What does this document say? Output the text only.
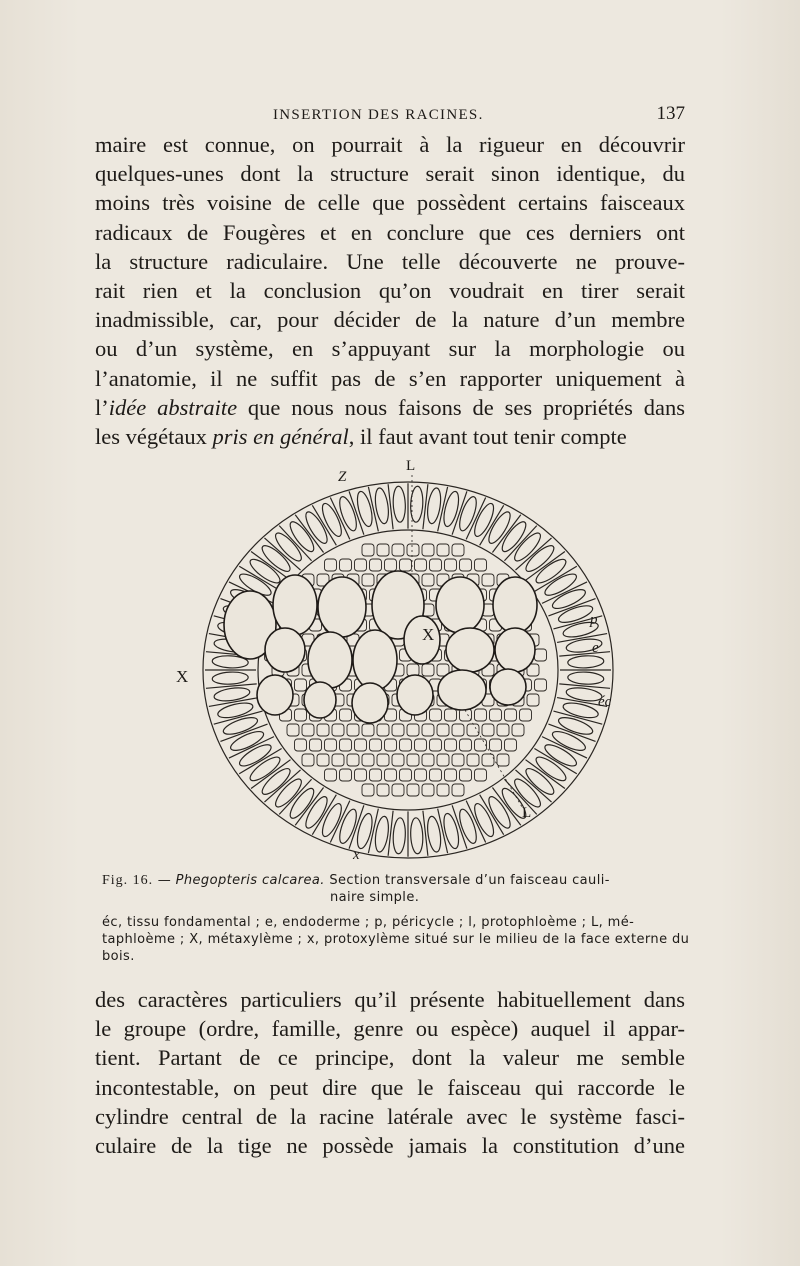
INSERTION DES RACINES.	137
maire est connue, on pourrait à la rigueur en découvrir
quelques-unes dont la structure serait sinon identique, du
moins très voisine de celle que possèdent certains faisceaux
radicaux de Fougères et en conclure que ces derniers ont
la structure radiculaire. Une telle découverte ne prouve-
rait rien et la conclusion qu’on voudrait en tirer serait
inadmissible, car, pour décider de la nature d’un membre
ou d’un système, en s’appuyant sur la morphologie ou
l’anatomie, il ne suffit pas de s’en rapporter uniquement à
l’idée abstraite que nous nous faisons de ses propriétés dans
les végétaux pris en général, il faut avant tout tenir compte
L
Z
X
X
p
e
éc
L
x
Fig. 16. — Phegopteris calcarea. Section transversale d’un faisceau cauli-
naire simple.
éc, tissu fondamental ; e, endoderme ; p, péricycle ; l, protophloème ; L, mé-taphloème ; X, métaxylème ; x, protoxylème situé sur le milieu de la face externe du bois.
des caractères particuliers qu’il présente habituellement dans
le groupe (ordre, famille, genre ou espèce) auquel il appar-
tient. Partant de ce principe, dont la valeur me semble
incontestable, on peut dire que le faisceau qui raccorde le
cylindre central de la racine latérale avec le système fasci-
culaire de la tige ne possède jamais la constitution d’une
